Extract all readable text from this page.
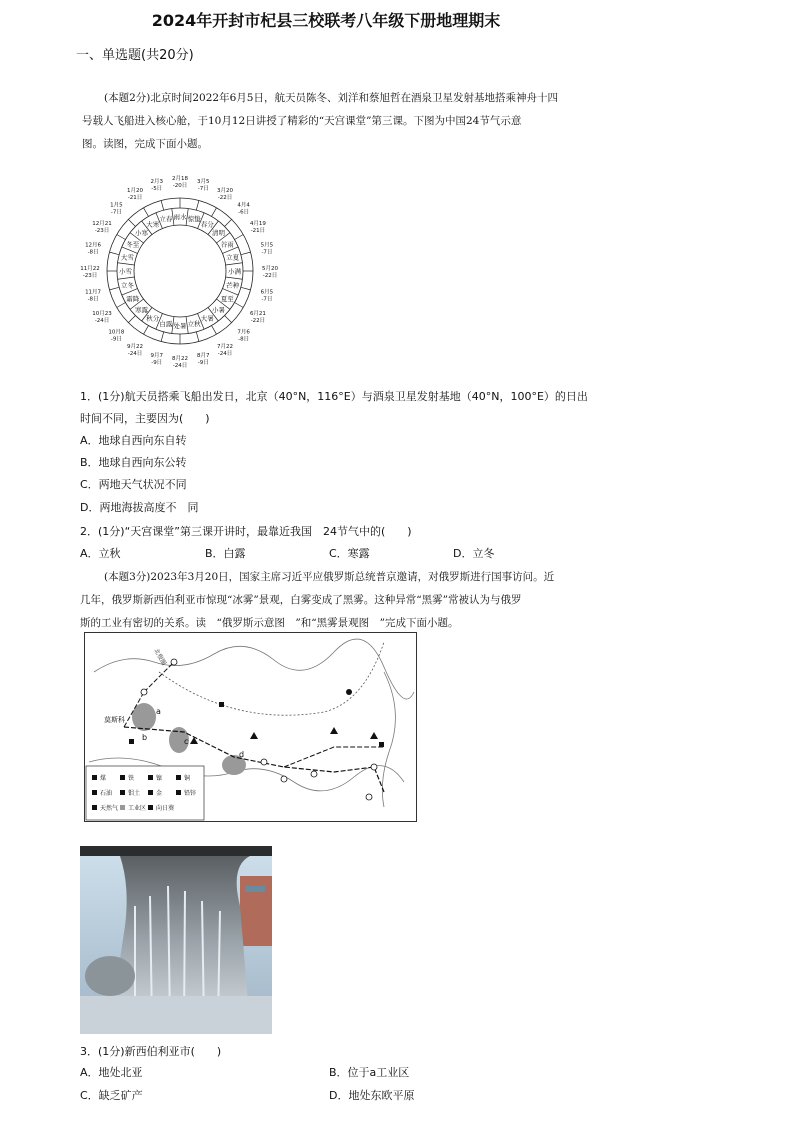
2024年开封市杞县三校联考八年级下册地理期末
一、单选题(共20分)
(本题2分)北京时间2022年6月5日，航天员陈冬、刘洋和蔡旭哲在酒泉卫星发射基地搭乘神舟十四
号载人飞船进入核心舱，于10月12日讲授了精彩的“天宫课堂”第三课。下图为中国24节气示意
图。读图，完成下面小题。
小寒
1月5
-7日
大寒
1月20
-21日
立春
2月3
-5日
雨水
2月18
-20日
惊蛰
3月5
-7日
春分
3月20
-22日
清明
4月4
-6日
谷雨
4月19
-21日
立夏
5月5
-7日
小满	5月20
-22日
芒种
6月5
-7日
夏至
6月21
-22日
小暑
7月6
-8日
大暑
7月22
-24日
立秋
8月7
-9日
处暑
8月22
-24日
白露
9月7
-9日
秋分
9月22
-24日
寒露
10月8
-9日
霜降
10月23
-24日
立冬
11月7
-8日
小雪
11月22
-23日
大雪
12月6
-8日
冬至
12月21
-23日
1．(1分)航天员搭乘飞船出发日，北京（40°N，116°E）与酒泉卫星发射基地（40°N，100°E）的日出
时间不同，主要因为(　　)
A．地球自西向东自转
B．地球自西向东公转
C．两地天气状况不同
D．两地海拔高度不　同
2．(1分)“天宫课堂”第三课开讲时，最靠近我国　24节气中的(　　)
A．立秋	B．白露	C．寒露	D．立冬
(本题3分)2023年3月20日，国家主席习近平应俄罗斯总统普京邀请，对俄罗斯进行国事访问。近
几年，俄罗斯新西伯利亚市惊现“冰雾”景观，白雾变成了黑雾。这种异常“黑雾”常被认为与俄罗
斯的工业有密切的关系。读　“俄罗斯示意图　”和“黑雾景观图　”完成下面小题。
北极圈
莫斯科
a
b	c
d
煤	铁	镍	铜
石油	钼土	金	铅锌
天然气 工业区 向日葵
3．(1分)新西伯利亚市(　　)
A．地处北亚	B．位于a工业区
C．缺乏矿产	D．地处东欧平原
